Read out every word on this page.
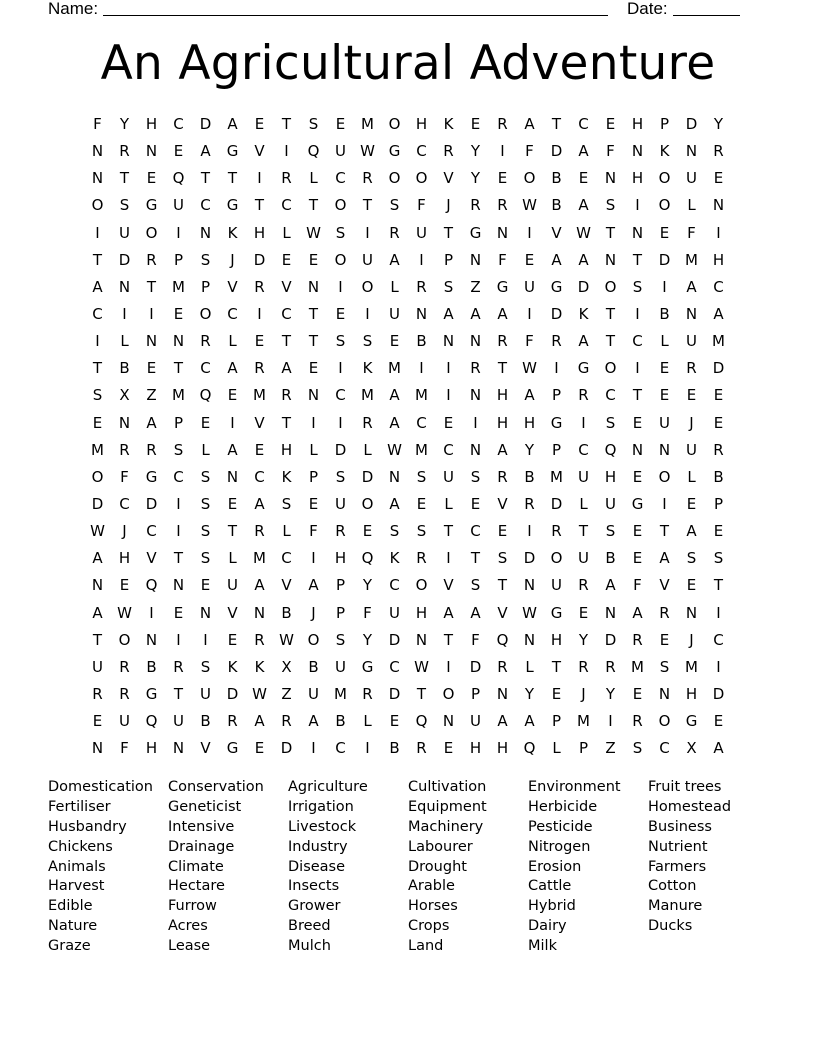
Name:	Date:
An Agricultural Adventure
F	Y	H	C	D	A	E	T	S	E	M O	H	K	E	R	A	T	C	E	H	P	D	Y
N	R	N	E	A	G	V	I	Q	U W G	C	R	Y	I	F	D	A	F	N	K	N	R
N	T	E	Q	T	T	I	R	L	C	R	O	O	V	Y	E	O	B	E	N	H	O	U	E
O	S	G	U	C	G	T	C	T	O	T	S	F	J	R	R W B	A	S	I	O	L	N
I	U	O	I	N	K	H	L	W S	I	R	U	T	G	N	I	V W T	N	E	F	I
T	D	R	P	S	J	D	E	E	O	U	A	I	P	N	F	E	A	A	N	T	D M H
A	N	T	M	P	V	R	V	N	I	O	L	R	S	Z	G	U	G	D	O	S	I	A	C
C	I	I	E	O	C	I	C	T	E	I	U	N	A	A	A	I	D	K	T	I	B	N	A
I	L	N	N	R	L	E	T	T	S	S	E	B	N	N	R	F	R	A	T	C	L	U	M
T	B	E	T	C	A	R	A	E	I	K	M	I	I	R	T	W	I	G	O	I	E	R	D
S	X	Z	M Q	E	M	R	N	C	M	A	M	I	N	H	A	P	R	C	T	E	E	E
E	N	A	P	E	I	V	T	I	I	R	A	C	E	I	H	H	G	I	S	E	U	J	E
M	R	R	S	L	A	E	H	L	D	L	W M	C	N	A	Y	P	C	Q	N	N	U	R
O	F	G	C	S	N	C	K	P	S	D	N	S	U	S	R	B	M	U	H	E	O	L	B
D	C	D	I	S	E	A	S	E	U	O	A	E	L	E	V	R	D	L	U	G	I	E	P
W	J	C	I	S	T	R	L	F	R	E	S	S	T	C	E	I	R	T	S	E	T	A	E
A	H	V	T	S	L	M	C	I	H	Q	K	R	I	T	S	D	O	U	B	E	A	S	S
N	E	Q	N	E	U	A	V	A	P	Y	C	O	V	S	T	N	U	R	A	F	V	E	T
A W	I	E	N	V	N	B	J	P	F	U	H	A	A	V W G	E	N	A	R	N	I
T	O	N	I	I	E	R W O	S	Y	D	N	T	F	Q	N	H	Y	D	R	E	J	C
U	R	B	R	S	K	K	X	B	U	G	C W	I	D	R	L	T	R	R	M	S	M	I
R	R	G	T	U	D W Z	U	M	R	D	T	O	P	N	Y	E	J	Y	E	N	H	D
E	U	Q	U	B	R	A	R	A	B	L	E	Q	N	U	A	A	P	M	I	R	O	G	E
N	F	H	N	V	G	E	D	I	C	I	B	R	E	H	H	Q	L	P	Z	S	C	X	A
Domestication
Fertiliser
Husbandry
Chickens
Animals
Harvest
Edible
Nature
Graze
Conservation
Geneticist
Intensive
Drainage
Climate
Hectare
Furrow
Acres
Lease
Agriculture
Irrigation
Livestock
Industry
Disease
Insects
Grower
Breed
Mulch
Cultivation
Equipment
Machinery
Labourer
Drought
Arable
Horses
Crops
Land
Environment
Herbicide
Pesticide
Nitrogen
Erosion
Cattle
Hybrid
Dairy
Milk
Fruit trees
Homestead
Business
Nutrient
Farmers
Cotton
Manure
Ducks
